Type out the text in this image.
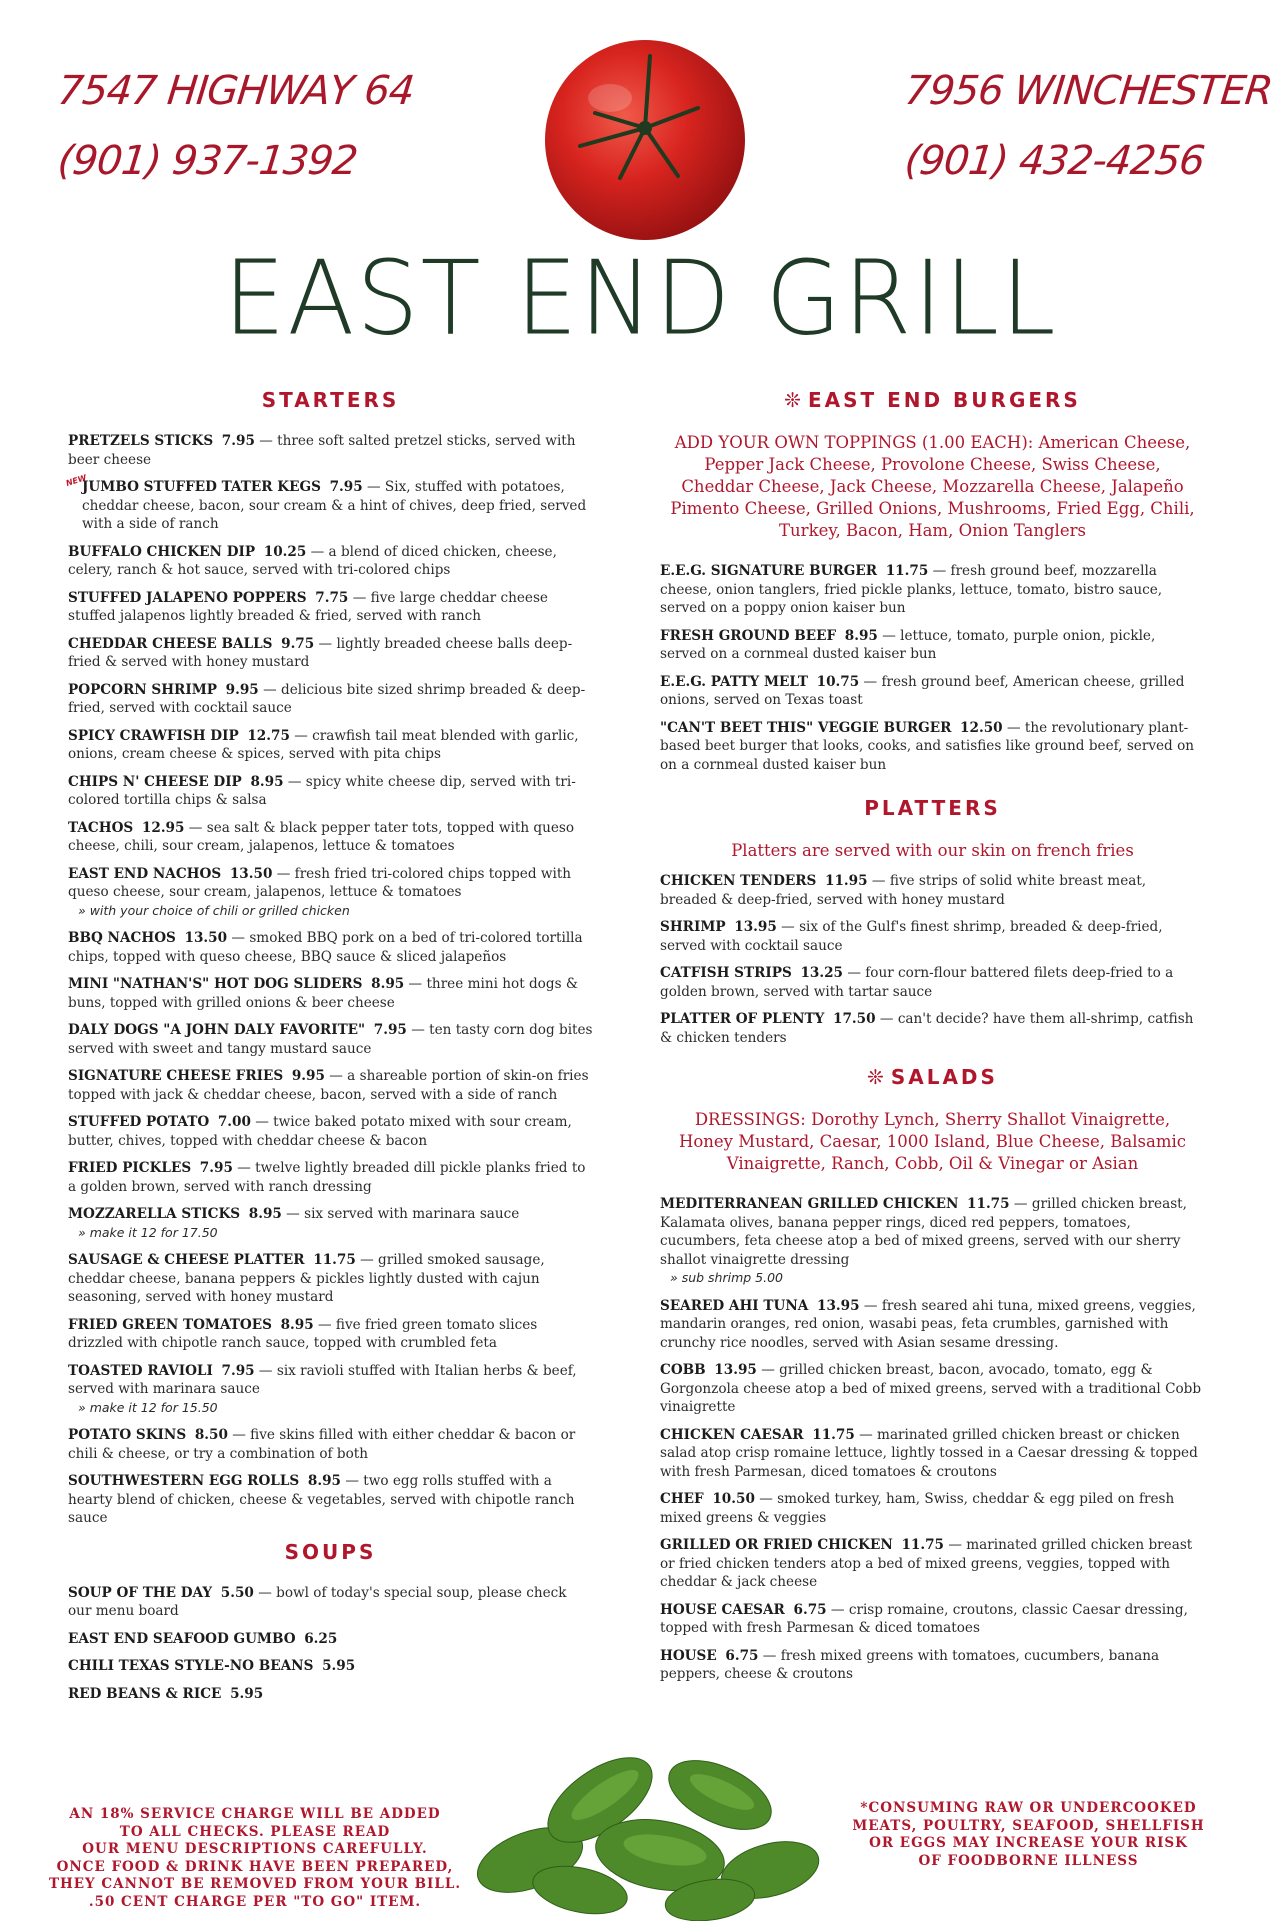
7547 HIGHWAY 64
(901) 937-1392
7956 WINCHESTER
(901) 432-4256
EAST END GRILL
STARTERS
PRETZELS STICKS 7.95 — three soft salted pretzel sticks, served with beer cheese
NEW
JUMBO STUFFED TATER KEGS 7.95 — Six, stuffed with potatoes, cheddar cheese, bacon, sour cream & a hint of chives, deep fried, served with a side of ranch
BUFFALO CHICKEN DIP 10.25 — a blend of diced chicken, cheese, celery, ranch & hot sauce, served with tri-colored chips
STUFFED JALAPENO POPPERS 7.75 — five large cheddar cheese stuffed jalapenos lightly breaded & fried, served with ranch
CHEDDAR CHEESE BALLS 9.75 — lightly breaded cheese balls deep-fried & served with honey mustard
POPCORN SHRIMP 9.95 — delicious bite sized shrimp breaded & deep-fried, served with cocktail sauce
SPICY CRAWFISH DIP 12.75 — crawfish tail meat blended with garlic, onions, cream cheese & spices, served with pita chips
CHIPS N' CHEESE DIP 8.95 — spicy white cheese dip, served with tri-colored tortilla chips & salsa
TACHOS 12.95 — sea salt & black pepper tater tots, topped with queso cheese, chili, sour cream, jalapenos, lettuce & tomatoes
EAST END NACHOS 13.50 — fresh fried tri-colored chips topped with queso cheese, sour cream, jalapenos, lettuce & tomatoes
» with your choice of chili or grilled chicken
BBQ NACHOS 13.50 — smoked BBQ pork on a bed of tri-colored tortilla chips, topped with queso cheese, BBQ sauce & sliced jalapeños
MINI "NATHAN'S" HOT DOG SLIDERS 8.95 — three mini hot dogs & buns, topped with grilled onions & beer cheese
DALY DOGS "A JOHN DALY FAVORITE" 7.95 — ten tasty corn dog bites served with sweet and tangy mustard sauce
SIGNATURE CHEESE FRIES 9.95 — a shareable portion of skin-on fries topped with jack & cheddar cheese, bacon, served with a side of ranch
STUFFED POTATO 7.00 — twice baked potato mixed with sour cream, butter, chives, topped with cheddar cheese & bacon
FRIED PICKLES 7.95 — twelve lightly breaded dill pickle planks fried to a golden brown, served with ranch dressing
MOZZARELLA STICKS 8.95 — six served with marinara sauce
» make it 12 for 17.50
SAUSAGE & CHEESE PLATTER 11.75 — grilled smoked sausage, cheddar cheese, banana peppers & pickles lightly dusted with cajun seasoning, served with honey mustard
FRIED GREEN TOMATOES 8.95 — five fried green tomato slices drizzled with chipotle ranch sauce, topped with crumbled feta
TOASTED RAVIOLI 7.95 — six ravioli stuffed with Italian herbs & beef, served with marinara sauce
» make it 12 for 15.50
POTATO SKINS 8.50 — five skins filled with either cheddar & bacon or chili & cheese, or try a combination of both
SOUTHWESTERN EGG ROLLS 8.95 — two egg rolls stuffed with a hearty blend of chicken, cheese & vegetables, served with chipotle ranch sauce
SOUPS
SOUP OF THE DAY 5.50 — bowl of today's special soup, please check our menu board
EAST END SEAFOOD GUMBO 6.25
CHILI TEXAS STYLE-NO BEANS 5.95
RED BEANS & RICE 5.95
❊ EAST END BURGERS
ADD YOUR OWN TOPPINGS (1.00 EACH): American Cheese, Pepper Jack Cheese, Provolone Cheese, Swiss Cheese, Cheddar Cheese, Jack Cheese, Mozzarella Cheese, Jalapeño Pimento Cheese, Grilled Onions, Mushrooms, Fried Egg, Chili, Turkey, Bacon, Ham, Onion Tanglers
E.E.G. SIGNATURE BURGER 11.75 — fresh ground beef, mozzarella cheese, onion tanglers, fried pickle planks, lettuce, tomato, bistro sauce, served on a poppy onion kaiser bun
FRESH GROUND BEEF 8.95 — lettuce, tomato, purple onion, pickle, served on a cornmeal dusted kaiser bun
E.E.G. PATTY MELT 10.75 — fresh ground beef, American cheese, grilled onions, served on Texas toast
"CAN'T BEET THIS" VEGGIE BURGER 12.50 — the revolutionary plant-based beet burger that looks, cooks, and satisfies like ground beef, served on on a cornmeal dusted kaiser bun
PLATTERS
Platters are served with our skin on french fries
CHICKEN TENDERS 11.95 — five strips of solid white breast meat, breaded & deep-fried, served with honey mustard
SHRIMP 13.95 — six of the Gulf's finest shrimp, breaded & deep-fried, served with cocktail sauce
CATFISH STRIPS 13.25 — four corn-flour battered filets deep-fried to a golden brown, served with tartar sauce
PLATTER OF PLENTY 17.50 — can't decide? have them all-shrimp, catfish & chicken tenders
❊ SALADS
DRESSINGS: Dorothy Lynch, Sherry Shallot Vinaigrette, Honey Mustard, Caesar, 1000 Island, Blue Cheese, Balsamic Vinaigrette, Ranch, Cobb, Oil & Vinegar or Asian
MEDITERRANEAN GRILLED CHICKEN 11.75 — grilled chicken breast, Kalamata olives, banana pepper rings, diced red peppers, tomatoes, cucumbers, feta cheese atop a bed of mixed greens, served with our sherry shallot vinaigrette dressing
» sub shrimp 5.00
SEARED AHI TUNA 13.95 — fresh seared ahi tuna, mixed greens, veggies, mandarin oranges, red onion, wasabi peas, feta crumbles, garnished with crunchy rice noodles, served with Asian sesame dressing.
COBB 13.95 — grilled chicken breast, bacon, avocado, tomato, egg & Gorgonzola cheese atop a bed of mixed greens, served with a traditional Cobb vinaigrette
CHICKEN CAESAR 11.75 — marinated grilled chicken breast or chicken salad atop crisp romaine lettuce, lightly tossed in a Caesar dressing & topped with fresh Parmesan, diced tomatoes & croutons
CHEF 10.50 — smoked turkey, ham, Swiss, cheddar & egg piled on fresh mixed greens & veggies
GRILLED OR FRIED CHICKEN 11.75 — marinated grilled chicken breast or fried chicken tenders atop a bed of mixed greens, veggies, topped with cheddar & jack cheese
HOUSE CAESAR 6.75 — crisp romaine, croutons, classic Caesar dressing, topped with fresh Parmesan & diced tomatoes
HOUSE 6.75 — fresh mixed greens with tomatoes, cucumbers, banana peppers, cheese & croutons
AN 18% SERVICE CHARGE WILL BE ADDED
TO ALL CHECKS. PLEASE READ
OUR MENU DESCRIPTIONS CAREFULLY.
ONCE FOOD & DRINK HAVE BEEN PREPARED,
THEY CANNOT BE REMOVED FROM YOUR BILL.
.50 CENT CHARGE PER "TO GO" ITEM.
*CONSUMING RAW OR UNDERCOOKED
MEATS, POULTRY, SEAFOOD, SHELLFISH
OR EGGS MAY INCREASE YOUR RISK
OF FOODBORNE ILLNESS
